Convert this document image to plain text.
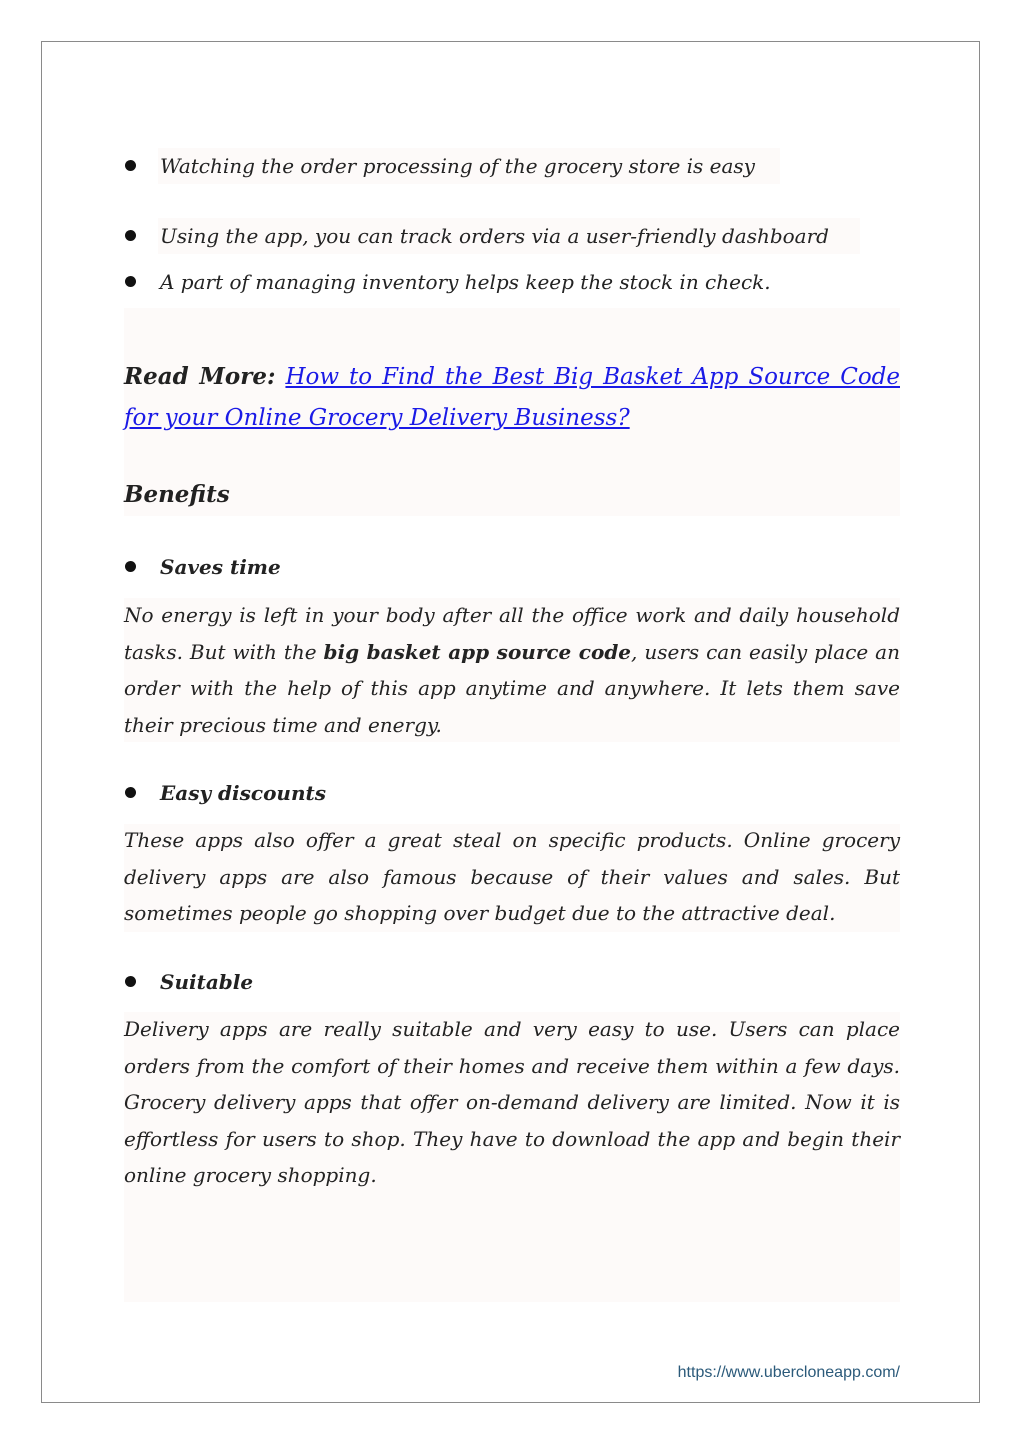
Watching the order processing of the grocery store is easy
Using the app, you can track orders via a user-friendly dashboard
A part of managing inventory helps keep the stock in check.
Read More: How to Find the Best Big Basket App Source Code for your Online Grocery Delivery Business?
Benefits
Saves time
No energy is left in your body after all the office work and daily household tasks. But with the big basket app source code, users can easily place an order with the help of this app anytime and anywhere. It lets them save their precious time and energy.
Easy discounts
These apps also offer a great steal on specific products. Online grocery delivery apps are also famous because of their values and sales. But sometimes people go shopping over budget due to the attractive deal.
Suitable
Delivery apps are really suitable and very easy to use. Users can place orders from the comfort of their homes and receive them within a few days. Grocery delivery apps that offer on-demand delivery are limited. Now it is effortless for users to shop. They have to download the app and begin their online grocery shopping.
https://www.ubercloneapp.com/
